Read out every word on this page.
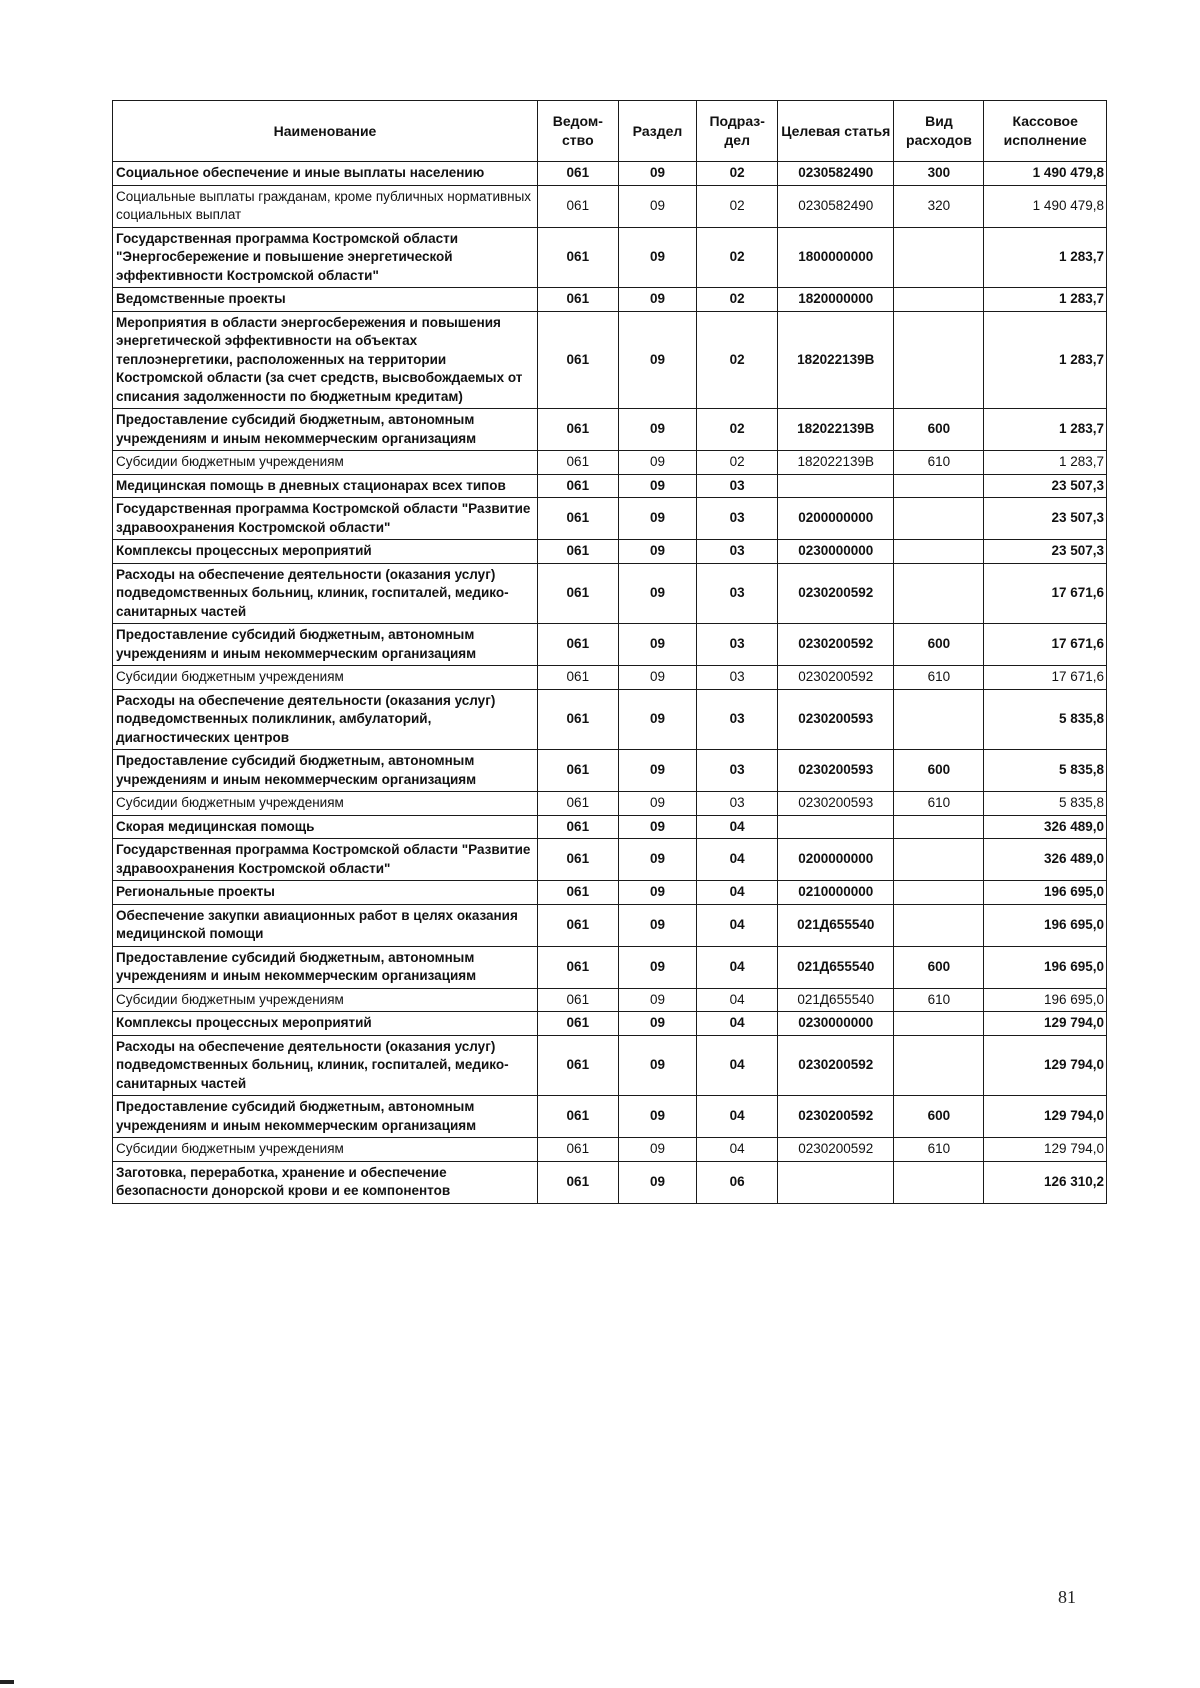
Наименование	Ведом-ство	Раздел	Подраз-дел	Целевая статья	Вид расходов	Кассовое исполнение
Социальное обеспечение и иные выплаты населению	061	09	02	0230582490	300	1 490 479,8
Социальные выплаты гражданам, кроме публичных нормативных социальных выплат	061	09	02	0230582490	320	1 490 479,8
Государственная программа Костромской области "Энергосбережение и повышение энергетической эффективности Костромской области"	061	09	02	1800000000		1 283,7
Ведомственные проекты	061	09	02	1820000000		1 283,7
Мероприятия в области энергосбережения и повышения энергетической эффективности на объектах теплоэнергетики, расположенных на территории Костромской области (за счет средств, высвобождаемых от списания задолженности по бюджетным кредитам)	061	09	02	182022139В		1 283,7
Предоставление субсидий бюджетным, автономным учреждениям и иным некоммерческим организациям	061	09	02	182022139В	600	1 283,7
Субсидии бюджетным учреждениям	061	09	02	182022139В	610	1 283,7
Медицинская помощь в дневных стационарах всех типов	061	09	03			23 507,3
Государственная программа Костромской области "Развитие здравоохранения Костромской области"	061	09	03	0200000000		23 507,3
Комплексы процессных мероприятий	061	09	03	0230000000		23 507,3
Расходы на обеспечение деятельности (оказания услуг) подведомственных больниц, клиник, госпиталей, медико-санитарных частей	061	09	03	0230200592		17 671,6
Предоставление субсидий бюджетным, автономным учреждениям и иным некоммерческим организациям	061	09	03	0230200592	600	17 671,6
Субсидии бюджетным учреждениям	061	09	03	0230200592	610	17 671,6
Расходы на обеспечение деятельности (оказания услуг) подведомственных поликлиник, амбулаторий, диагностических центров	061	09	03	0230200593		5 835,8
Предоставление субсидий бюджетным, автономным учреждениям и иным некоммерческим организациям	061	09	03	0230200593	600	5 835,8
Субсидии бюджетным учреждениям	061	09	03	0230200593	610	5 835,8
Скорая медицинская помощь	061	09	04			326 489,0
Государственная программа Костромской области "Развитие здравоохранения Костромской области"	061	09	04	0200000000		326 489,0
Региональные проекты	061	09	04	0210000000		196 695,0
Обеспечение закупки авиационных работ в целях оказания медицинской помощи	061	09	04	021Д655540		196 695,0
Предоставление субсидий бюджетным, автономным учреждениям и иным некоммерческим организациям	061	09	04	021Д655540	600	196 695,0
Субсидии бюджетным учреждениям	061	09	04	021Д655540	610	196 695,0
Комплексы процессных мероприятий	061	09	04	0230000000		129 794,0
Расходы на обеспечение деятельности (оказания услуг) подведомственных больниц, клиник, госпиталей, медико-санитарных частей	061	09	04	0230200592		129 794,0
Предоставление субсидий бюджетным, автономным учреждениям и иным некоммерческим организациям	061	09	04	0230200592	600	129 794,0
Субсидии бюджетным учреждениям	061	09	04	0230200592	610	129 794,0
Заготовка, переработка, хранение и обеспечение безопасности донорской крови и ее компонентов	061	09	06			126 310,2
81
